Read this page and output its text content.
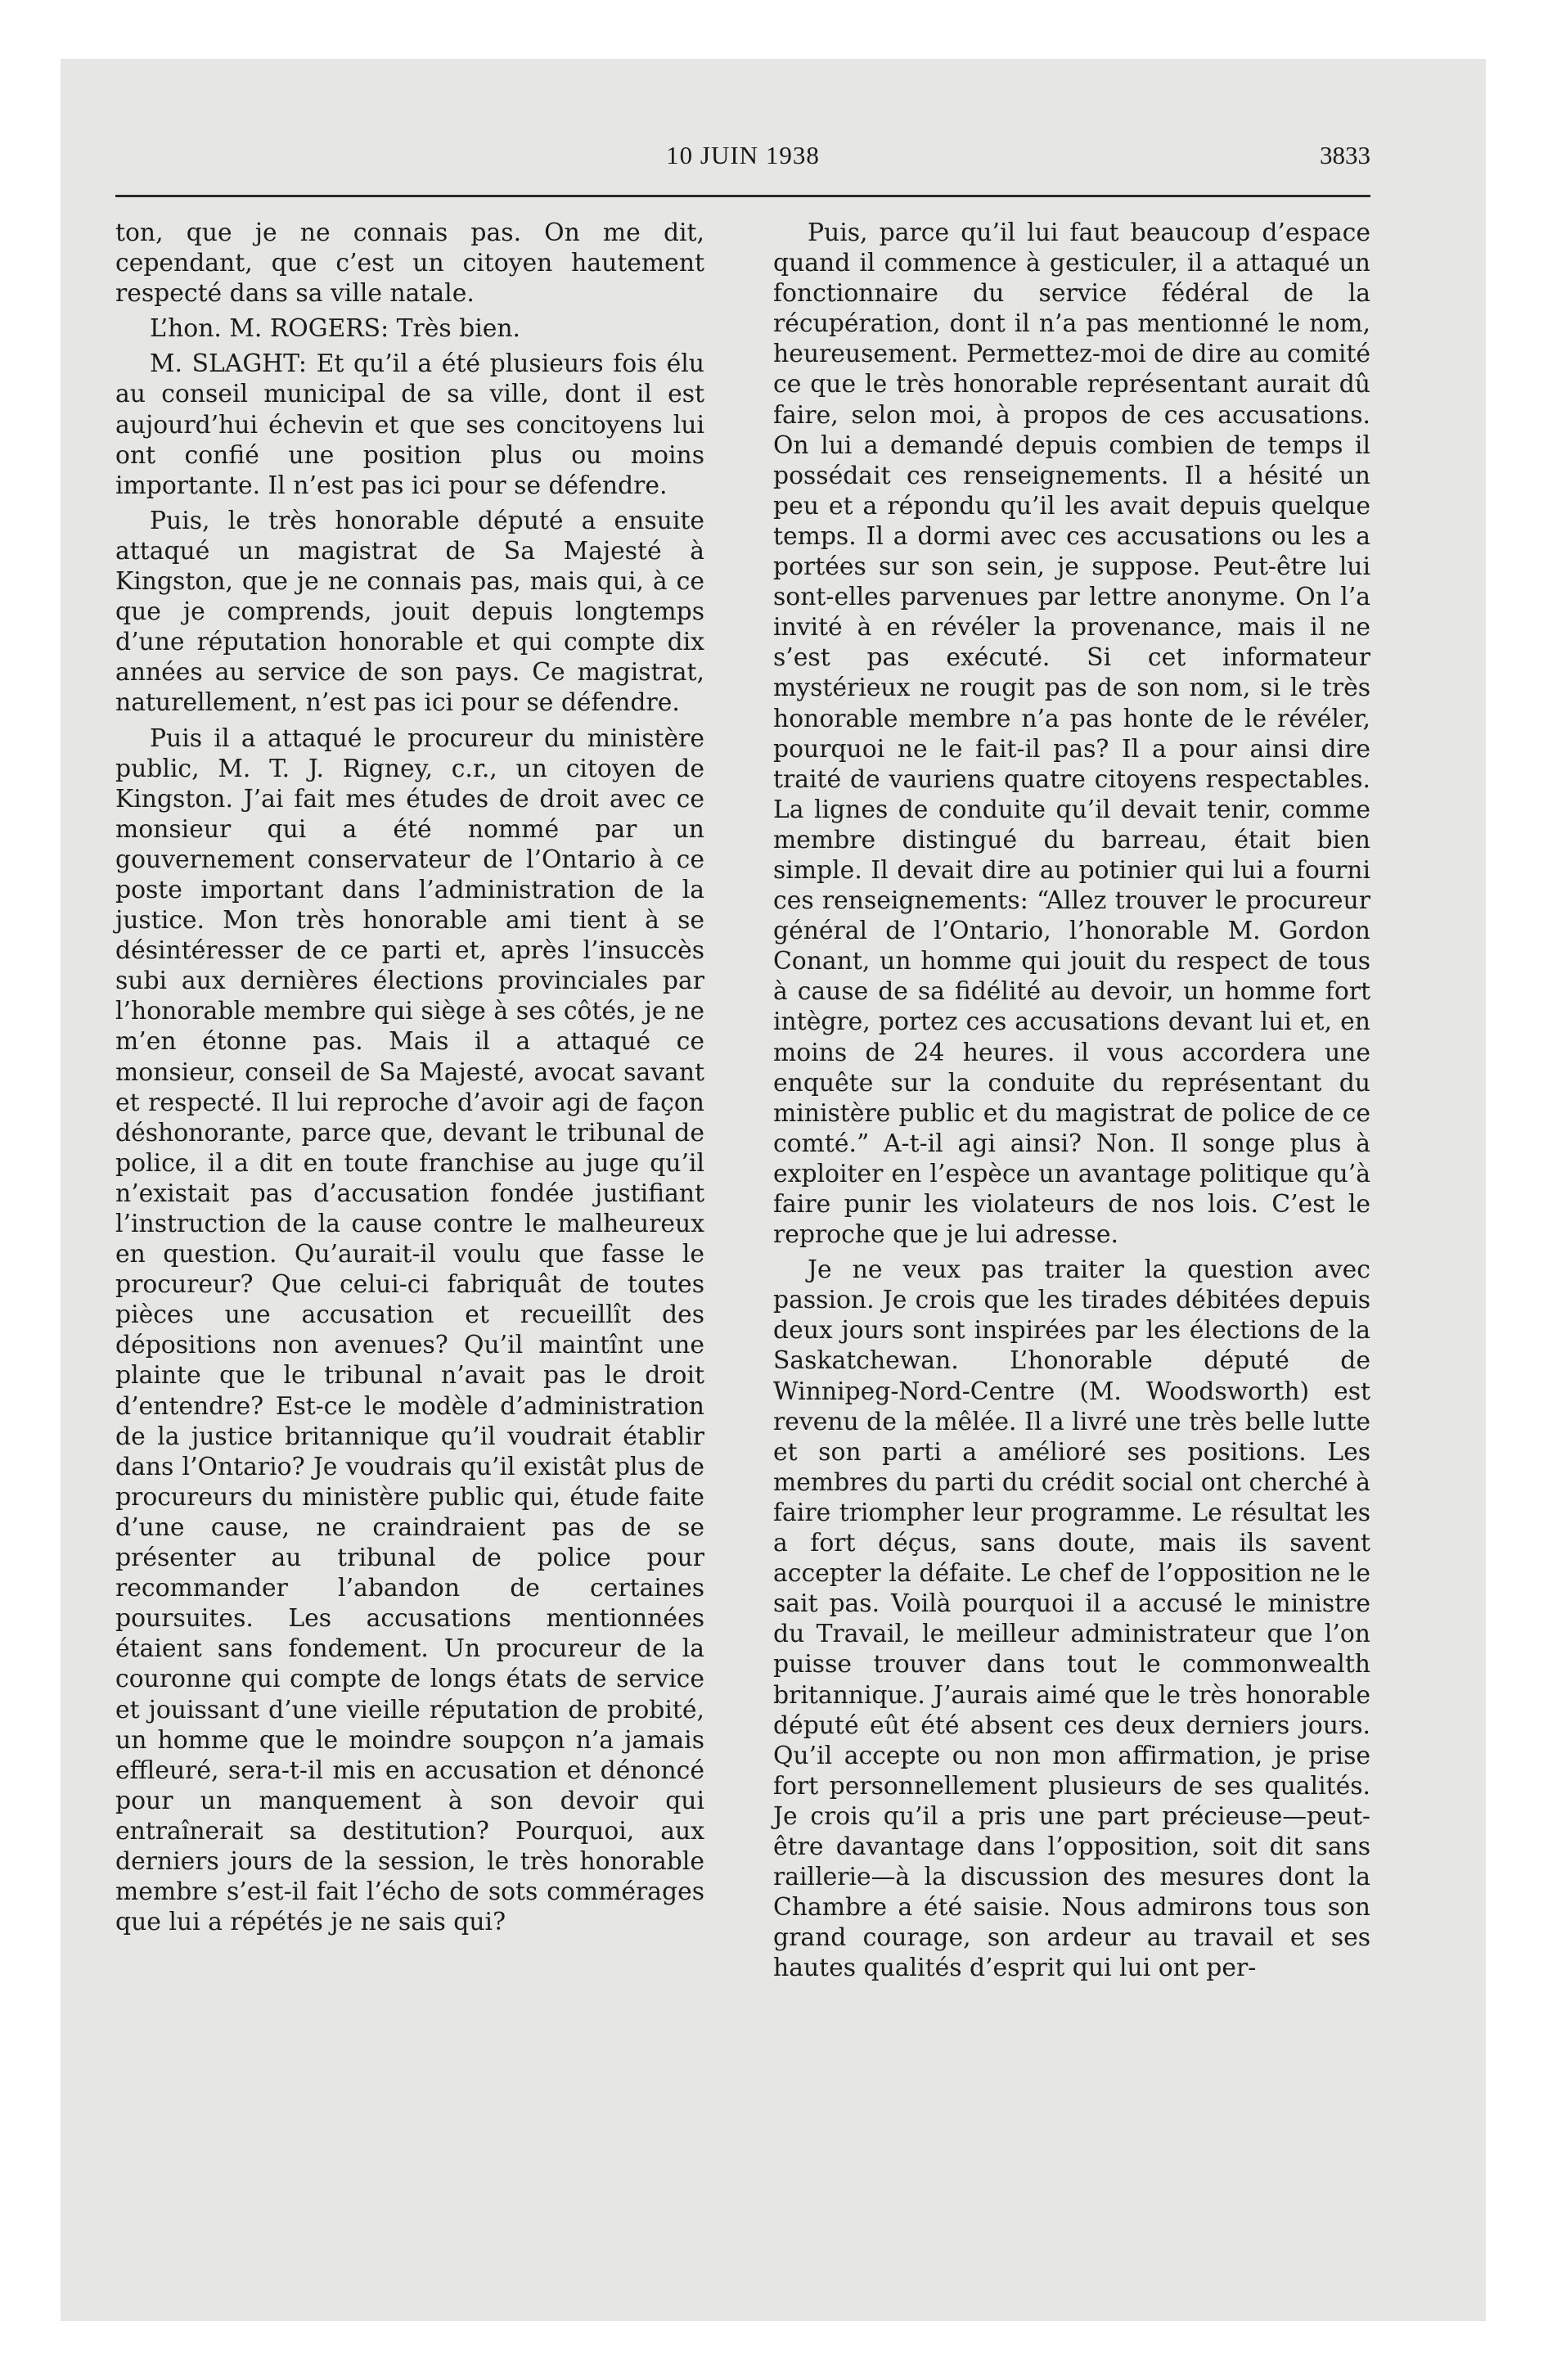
10 JUIN 1938	3833

ton, que je ne connais pas. On me dit, cependant, que c’est un citoyen hautement respecté dans sa ville natale.

L’hon. M. ROGERS: Très bien.

M. SLAGHT: Et qu’il a été plusieurs fois élu au conseil municipal de sa ville, dont il est aujourd’hui échevin et que ses concitoyens lui ont confié une position plus ou moins importante. Il n’est pas ici pour se défendre.

Puis, le très honorable député a ensuite attaqué un magistrat de Sa Majesté à Kingston, que je ne connais pas, mais qui, à ce que je comprends, jouit depuis longtemps d’une réputation honorable et qui compte dix années au service de son pays. Ce magistrat, naturellement, n’est pas ici pour se défendre.

Puis il a attaqué le procureur du ministère public, M. T. J. Rigney, c.r., un citoyen de Kingston. J’ai fait mes études de droit avec ce monsieur qui a été nommé par un gouvernement conservateur de l’Ontario à ce poste important dans l’administration de la justice. Mon très honorable ami tient à se désintéresser de ce parti et, après l’insuccès subi aux dernières élections provinciales par l’honorable membre qui siège à ses côtés, je ne m’en étonne pas. Mais il a attaqué ce monsieur, conseil de Sa Majesté, avocat savant et respecté. Il lui reproche d’avoir agi de façon déshonorante, parce que, devant le tribunal de police, il a dit en toute franchise au juge qu’il n’existait pas d’accusation fondée justifiant l’instruction de la cause contre le malheureux en question. Qu’aurait-il voulu que fasse le procureur? Que celui-ci fabriquât de toutes pièces une accusation et recueillît des dépositions non avenues? Qu’il maintînt une plainte que le tribunal n’avait pas le droit d’entendre? Est-ce le modèle d’administration de la justice britannique qu’il voudrait établir dans l’Ontario? Je voudrais qu’il existât plus de procureurs du ministère public qui, étude faite d’une cause, ne craindraient pas de se présenter au tribunal de police pour recommander l’abandon de certaines poursuites. Les accusations mentionnées étaient sans fondement. Un procureur de la couronne qui compte de longs états de service et jouissant d’une vieille réputation de probité, un homme que le moindre soupçon n’a jamais effleuré, sera-t-il mis en accusation et dénoncé pour un manquement à son devoir qui entraînerait sa destitution? Pourquoi, aux derniers jours de la session, le très honorable membre s’est-il fait l’écho de sots commérages que lui a répétés je ne sais qui?

Puis, parce qu’il lui faut beaucoup d’espace quand il commence à gesticuler, il a attaqué un fonctionnaire du service fédéral de la récupération, dont il n’a pas mentionné le nom, heureusement. Permettez-moi de dire au comité ce que le très honorable représentant aurait dû faire, selon moi, à propos de ces accusations. On lui a demandé depuis combien de temps il possédait ces renseignements. Il a hésité un peu et a répondu qu’il les avait depuis quelque temps. Il a dormi avec ces accusations ou les a portées sur son sein, je suppose. Peut-être lui sont-elles parvenues par lettre anonyme. On l’a invité à en révéler la provenance, mais il ne s’est pas exécuté. Si cet informateur mystérieux ne rougit pas de son nom, si le très honorable membre n’a pas honte de le révéler, pourquoi ne le fait-il pas? Il a pour ainsi dire traité de vauriens quatre citoyens respectables. La lignes de conduite qu’il devait tenir, comme membre distingué du barreau, était bien simple. Il devait dire au potinier qui lui a fourni ces renseignements: “Allez trouver le procureur général de l’Ontario, l’honorable M. Gordon Conant, un homme qui jouit du respect de tous à cause de sa fidélité au devoir, un homme fort intègre, portez ces accusations devant lui et, en moins de 24 heures. il vous accordera une enquête sur la conduite du représentant du ministère public et du magistrat de police de ce comté.” A-t-il agi ainsi? Non. Il songe plus à exploiter en l’espèce un avantage politique qu’à faire punir les violateurs de nos lois. C’est le reproche que je lui adresse.

Je ne veux pas traiter la question avec passion. Je crois que les tirades débitées depuis deux jours sont inspirées par les élections de la Saskatchewan. L’honorable député de Winnipeg-Nord-Centre (M. Woodsworth) est revenu de la mêlée. Il a livré une très belle lutte et son parti a amélioré ses positions. Les membres du parti du crédit social ont cherché à faire triompher leur programme. Le résultat les a fort déçus, sans doute, mais ils savent accepter la défaite. Le chef de l’opposition ne le sait pas. Voilà pourquoi il a accusé le ministre du Travail, le meilleur administrateur que l’on puisse trouver dans tout le commonwealth britannique. J’aurais aimé que le très honorable député eût été absent ces deux derniers jours. Qu’il accepte ou non mon affirmation, je prise fort personnellement plusieurs de ses qualités. Je crois qu’il a pris une part précieuse—peut-être davantage dans l’opposition, soit dit sans raillerie—à la discussion des mesures dont la Chambre a été saisie. Nous admirons tous son grand courage, son ardeur au travail et ses hautes qualités d’esprit qui lui ont per-
